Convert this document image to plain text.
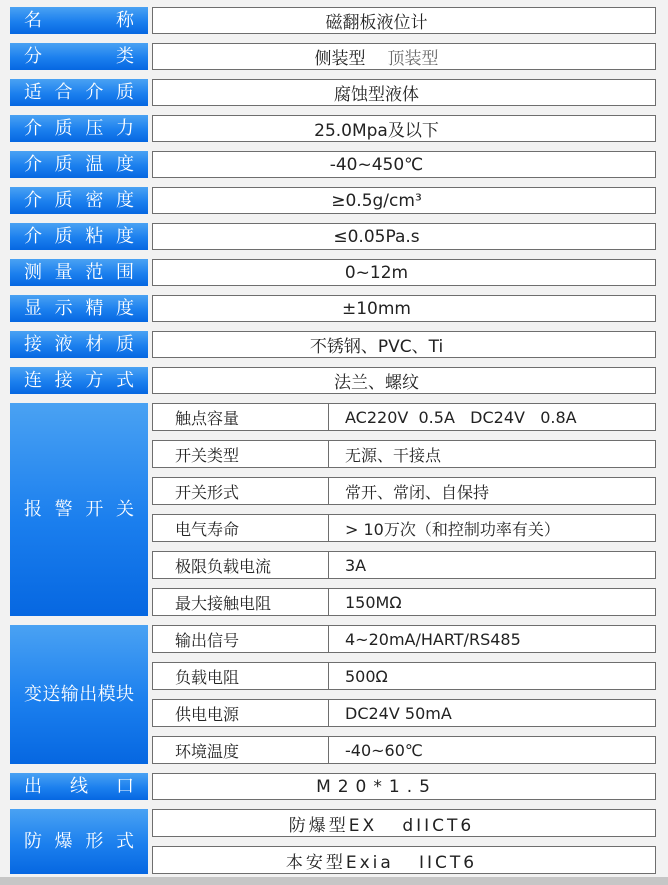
名　　称	磁翻板液位计
分　　类	侧装型 顶装型
适合介质	腐蚀型液体
介质压力	25.0Mpa及以下
介质温度	-40~450℃
介质密度	≥0.5g/cm³
介质粘度	≤0.05Pa.s
测量范围	0~12m
显示精度	±10mm
接液材质	不锈钢、PVC、Ti
连接方式	法兰、螺纹
报警开关
触点容量	AC220V  0.5A   DC24V   0.8A
开关类型	无源、干接点
开关形式	常开、常闭、自保持
电气寿命	> 10万次（和控制功率有关）
极限负载电流	3A
最大接触电阻	150MΩ
变送输出模块
输出信号	4~20mA/HART/RS485
负载电阻	500Ω
供电电源	DC24V 50mA
环境温度	-40~60℃
出 线 口	M20*1.5
防爆形式
防爆型EX   dIICT6
本安型Exia   IICT6
